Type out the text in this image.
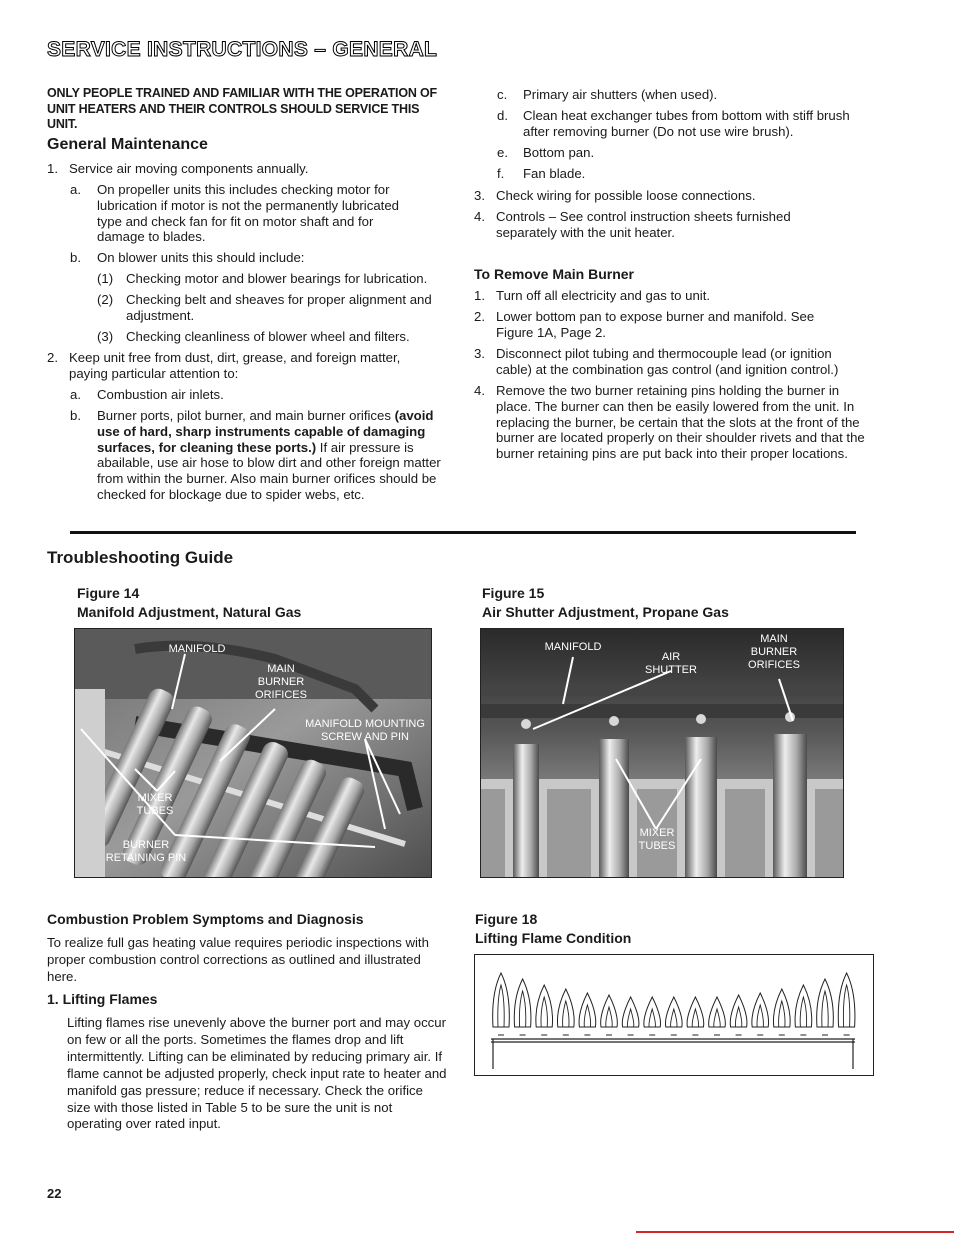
SERVICE INSTRUCTIONS – GENERAL
ONLY PEOPLE TRAINED AND FAMILIAR WITH THE OPERATION OF UNIT HEATERS AND THEIR CONTROLS SHOULD SERVICE THIS UNIT.
General Maintenance
1. Service air moving components annually.
a. On propeller units this includes checking motor for lubrication if motor is not the permanently lubricated type and check fan for fit on motor shaft and for damage to blades.
b. On blower units this should include:
(1) Checking motor and blower bearings for lubrication.
(2) Checking belt and sheaves for proper alignment and adjustment.
(3) Checking cleanliness of blower wheel and filters.
2. Keep unit free from dust, dirt, grease, and foreign matter, paying particular attention to:
a. Combustion air inlets.
b. Burner ports, pilot burner, and main burner orifices (avoid use of hard, sharp instruments capable of damaging surfaces, for cleaning these ports.) If air pressure is abailable, use air hose to blow dirt and other foreign matter from within the burner. Also main burner orifices should be checked for blockage due to spider webs, etc.
c. Primary air shutters (when used).
d. Clean heat exchanger tubes from bottom with stiff brush after removing burner (Do not use wire brush).
e. Bottom pan.
f. Fan blade.
3. Check wiring for possible loose connections.
4. Controls – See control instruction sheets furnished separately with the unit heater.
To Remove Main Burner
1. Turn off all electricity and gas to unit.
2. Lower bottom pan to expose burner and manifold. See Figure 1A, Page 2.
3. Disconnect pilot tubing and thermocouple lead (or ignition cable) at the combination gas control (and ignition control.)
4. Remove the two burner retaining pins holding the burner in place. The burner can then be easily lowered from the unit. In replacing the burner, be certain that the slots at the front of the burner are located properly on their shoulder rivets and that the burner retaining pins are put back into their proper locations.
Troubleshooting Guide
Figure 14
Manifold Adjustment, Natural Gas
MANIFOLD
MAIN BURNER ORIFICES
MANIFOLD MOUNTING SCREW AND PIN
MIXER TUBES
BURNER RETAINING PIN
Figure 15
Air Shutter Adjustment, Propane Gas
MANIFOLD
AIR SHUTTER
MAIN BURNER ORIFICES
MIXER TUBES
Combustion Problem Symptoms and Diagnosis
To realize full gas heating value requires periodic inspections with proper combustion control corrections as outlined and illustrated here.
1. Lifting Flames
Lifting flames rise unevenly above the burner port and may occur on few or all the ports. Sometimes the flames drop and lift intermittently. Lifting can be eliminated by reducing primary air. If flame cannot be adjusted properly, check input rate to heater and manifold gas pressure; reduce if necessary. Check the orifice size with those listed in Table 5 to be sure the unit is not operating over rated input.
Figure 18
Lifting Flame Condition
22
